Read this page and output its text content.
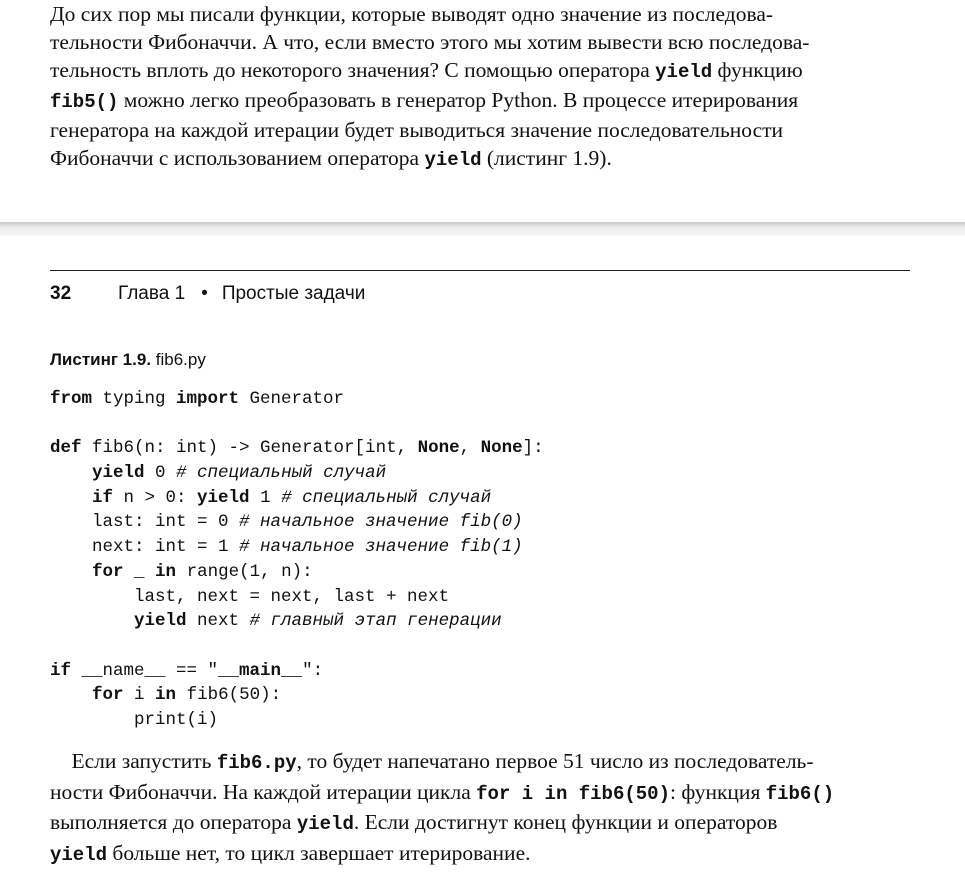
До сих пор мы писали функции, которые выводят одно значение из последова-
тельности Фибоначчи. А что, если вместо этого мы хотим вывести всю последова-
тельность вплоть до некоторого значения? С помощью оператора yield функцию
fib5() можно легко преобразовать в генератор Python. В процессе итерирования
генератора на каждой итерации будет выводиться значение последовательности
Фибоначчи с использованием оператора yield (листинг 1.9).
32 Глава 1 • Простые задачи
Листинг 1.9. fib6.py
from typing import Generator
def fib6(n: int) -> Generator[int, None, None]:
yield 0 # специальный случай
if n > 0: yield 1 # специальный случай
last: int = 0 # начальное значение fib(0)
next: int = 1 # начальное значение fib(1)
for _ in range(1, n):
last, next = next, last + next
yield next # главный этап генерации
if __name__ == "__main__":
for i in fib6(50):
print(i)
Если запустить fib6.py, то будет напечатано первое 51 число из последователь-
ности Фибоначчи. На каждой итерации цикла for i in fib6(50): функция fib6()
выполняется до оператора yield. Если достигнут конец функции и операторов
yield больше нет, то цикл завершает итерирование.
